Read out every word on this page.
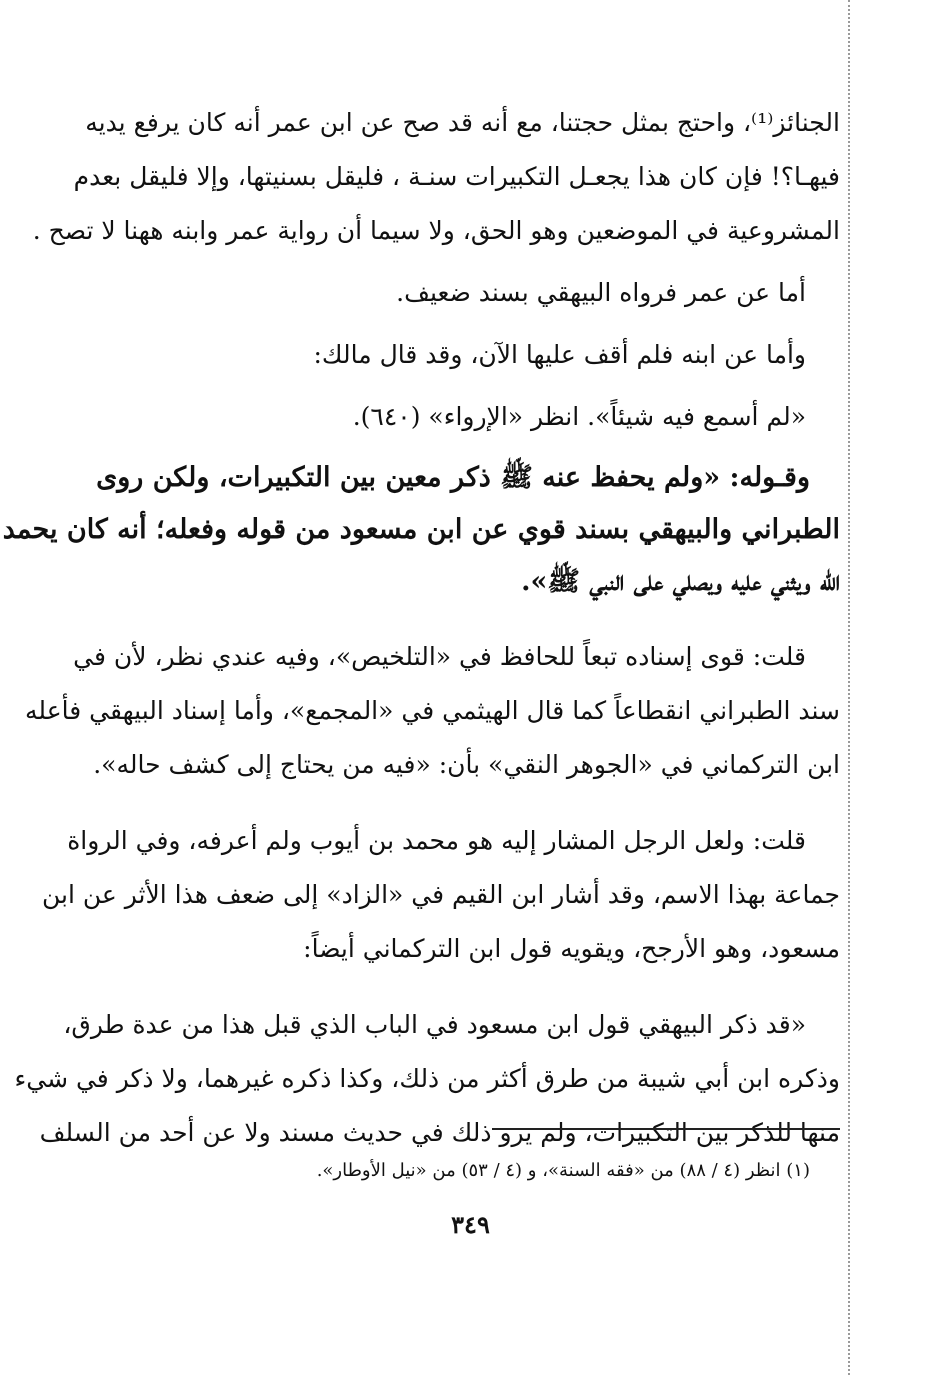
الجنائز⁽¹⁾، واحتج بمثل حجتنا، مع أنه قد صح عن ابن عمر أنه كان يرفع يديه
فيهـا؟! فإن كان هذا يجعـل التكبيرات سنـة ، فليقل بسنيتها، وإلا فليقل بعدم
المشروعية في الموضعين وهو الحق، ولا سيما أن رواية عمر وابنه ههنا لا تصح .
أما عن عمر فرواه البيهقي بسند ضعيف.
وأما عن ابنه فلم أقف عليها الآن، وقد قال مالك:
«لم أسمع فيه شيئاً». انظر «الإرواء» (٦٤٠).
وقـوله: «ولم يحفظ عنه ﷺ ذكر معين بين التكبيرات، ولكن روى
الطبراني والبيهقي بسند قوي عن ابن مسعود من قوله وفعله؛ أنه كان يحمد
الله ويثني عليه ويصلي على النبي ﷺ».
قلت: قوى إسناده تبعاً للحافظ في «التلخيص»، وفيه عندي نظر، لأن في
سند الطبراني انقطاعاً كما قال الهيثمي في «المجمع»، وأما إسناد البيهقي فأعله
ابن التركماني في «الجوهر النقي» بأن: «فيه من يحتاج إلى كشف حاله».
قلت: ولعل الرجل المشار إليه هو محمد بن أيوب ولم أعرفه، وفي الرواة
جماعة بهذا الاسم، وقد أشار ابن القيم في «الزاد» إلى ضعف هذا الأثر عن ابن
مسعود، وهو الأرجح، ويقويه قول ابن التركماني أيضاً:
«قد ذكر البيهقي قول ابن مسعود في الباب الذي قبل هذا من عدة طرق،
وذكره ابن أبي شيبة من طرق أكثر من ذلك، وكذا ذكره غيرهما، ولا ذكر في شيء
منها للذكر بين التكبيرات، ولم يرو ذلك في حديث مسند ولا عن أحد من السلف
(١) انظر (٤ / ٨٨) من «فقه السنة»، و (٤ / ٥٣) من «نيل الأوطار».
٣٤٩
